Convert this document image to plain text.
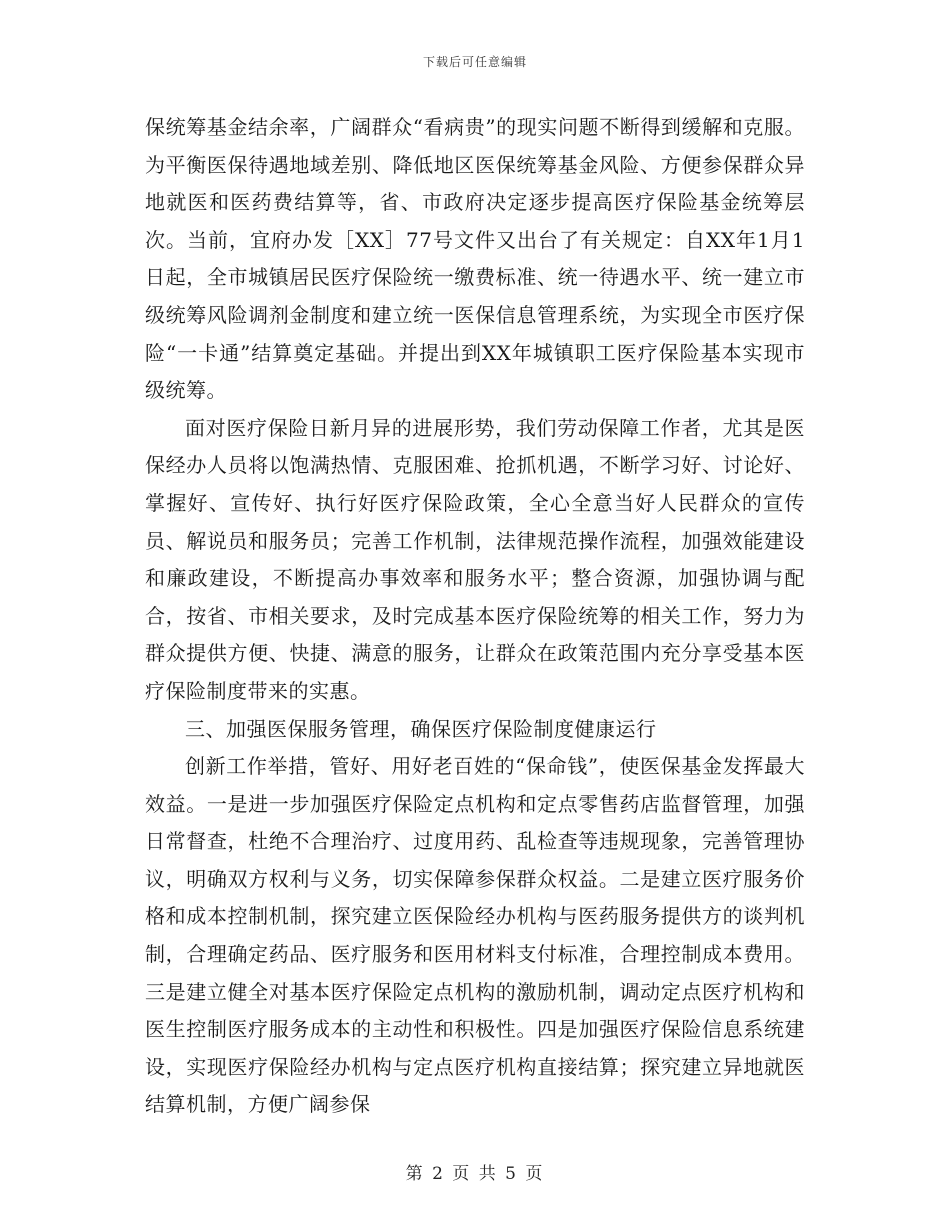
下载后可任意编辑

保统筹基金结余率，广阔群众“看病贵”的现实问题不断得到缓解和克服。为平衡医保待遇地域差别、降低地区医保统筹基金风险、方便参保群众异地就医和医药费结算等，省、市政府决定逐步提高医疗保险基金统筹层次。当前，宜府办发［XX］77号文件又出台了有关规定：自XX年1月1日起，全市城镇居民医疗保险统一缴费标准、统一待遇水平、统一建立市级统筹风险调剂金制度和建立统一医保信息管理系统，为实现全市医疗保险“一卡通”结算奠定基础。并提出到XX年城镇职工医疗保险基本实现市级统筹。

面对医疗保险日新月异的进展形势，我们劳动保障工作者，尤其是医保经办人员将以饱满热情、克服困难、抢抓机遇，不断学习好、讨论好、掌握好、宣传好、执行好医疗保险政策，全心全意当好人民群众的宣传员、解说员和服务员；完善工作机制，法律规范操作流程，加强效能建设和廉政建设，不断提高办事效率和服务水平；整合资源，加强协调与配合，按省、市相关要求，及时完成基本医疗保险统筹的相关工作，努力为群众提供方便、快捷、满意的服务，让群众在政策范围内充分享受基本医疗保险制度带来的实惠。

三、加强医保服务管理，确保医疗保险制度健康运行

创新工作举措，管好、用好老百姓的“保命钱”，使医保基金发挥最大效益。一是进一步加强医疗保险定点机构和定点零售药店监督管理，加强日常督查，杜绝不合理治疗、过度用药、乱检查等违规现象，完善管理协议，明确双方权利与义务，切实保障参保群众权益。二是建立医疗服务价格和成本控制机制，探究建立医保险经办机构与医药服务提供方的谈判机制，合理确定药品、医疗服务和医用材料支付标准，合理控制成本费用。三是建立健全对基本医疗保险定点机构的激励机制，调动定点医疗机构和医生控制医疗服务成本的主动性和积极性。四是加强医疗保险信息系统建设，实现医疗保险经办机构与定点医疗机构直接结算；探究建立异地就医结算机制，方便广阔参保

第 2 页 共 5 页
